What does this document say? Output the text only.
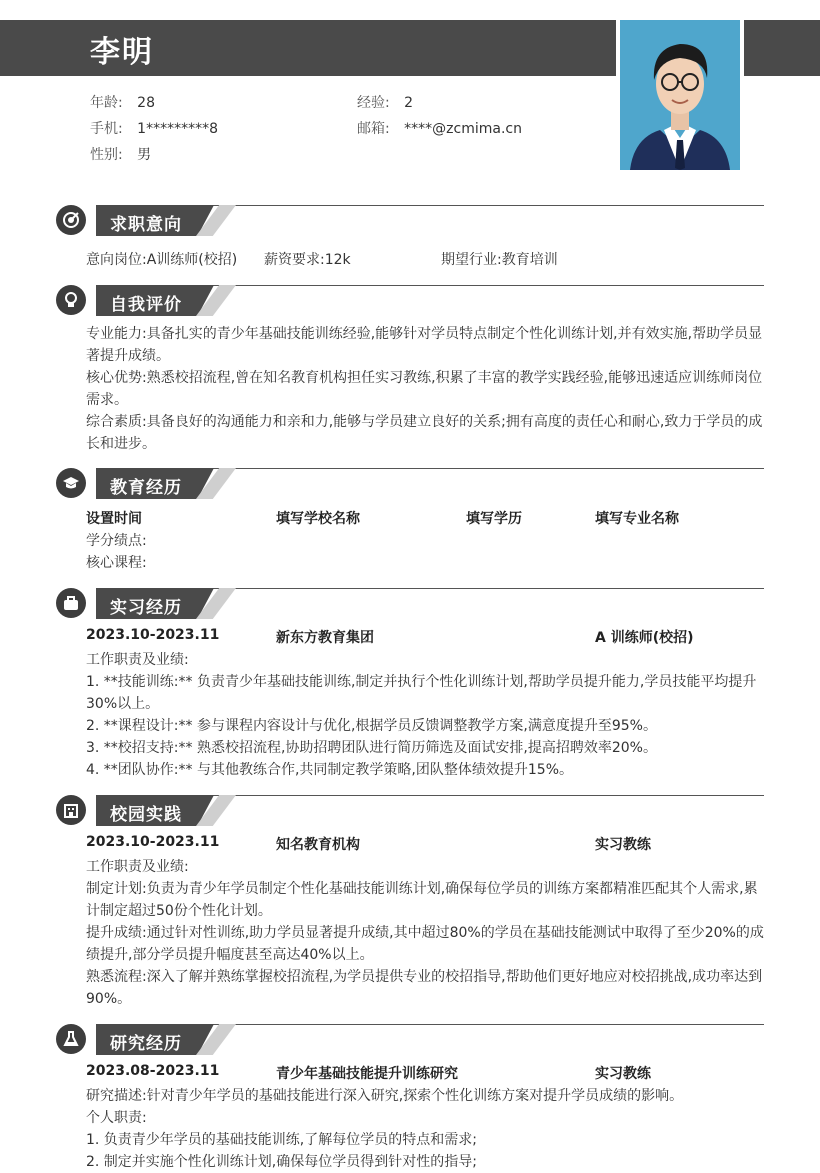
李明
年龄: 28	经验: 2
手机: 1*********8	邮箱: ****@zcmima.cn
性别: 男
求职意向
意向岗位:A训练师(校招) 薪资要求:12k	期望行业:教育培训
自我评价
专业能力:具备扎实的青少年基础技能训练经验,能够针对学员特点制定个性化训练计划,并有效实施,帮助学员显著提升成绩。
核心优势:熟悉校招流程,曾在知名教育机构担任实习教练,积累了丰富的教学实践经验,能够迅速适应训练师岗位需求。
综合素质:具备良好的沟通能力和亲和力,能够与学员建立良好的关系;拥有高度的责任心和耐心,致力于学员的成长和进步。
教育经历
设置时间	填写学校名称	填写学历	填写专业名称
学分绩点:
核心课程:
实习经历
2023.10-2023.11	新东方教育集团	A 训练师(校招)
工作职责及业绩:
1. **技能训练:** 负责青少年基础技能训练,制定并执行个性化训练计划,帮助学员提升能力,学员技能平均提升30%以上。
2. **课程设计:** 参与课程内容设计与优化,根据学员反馈调整教学方案,满意度提升至95%。
3. **校招支持:** 熟悉校招流程,协助招聘团队进行简历筛选及面试安排,提高招聘效率20%。
4. **团队协作:** 与其他教练合作,共同制定教学策略,团队整体绩效提升15%。
校园实践
2023.10-2023.11	知名教育机构	实习教练
工作职责及业绩:
制定计划:负责为青少年学员制定个性化基础技能训练计划,确保每位学员的训练方案都精准匹配其个人需求,累计制定超过50份个性化计划。
提升成绩:通过针对性训练,助力学员显著提升成绩,其中超过80%的学员在基础技能测试中取得了至少20%的成绩提升,部分学员提升幅度甚至高达40%以上。
熟悉流程:深入了解并熟练掌握校招流程,为学员提供专业的校招指导,帮助他们更好地应对校招挑战,成功率达到90%。
研究经历
2023.08-2023.11	青少年基础技能提升训练研究	实习教练
研究描述:针对青少年学员的基础技能进行深入研究,探索个性化训练方案对提升学员成绩的影响。
个人职责:
1. 负责青少年学员的基础技能训练,了解每位学员的特点和需求;
2. 制定并实施个性化训练计划,确保每位学员得到针对性的指导;
